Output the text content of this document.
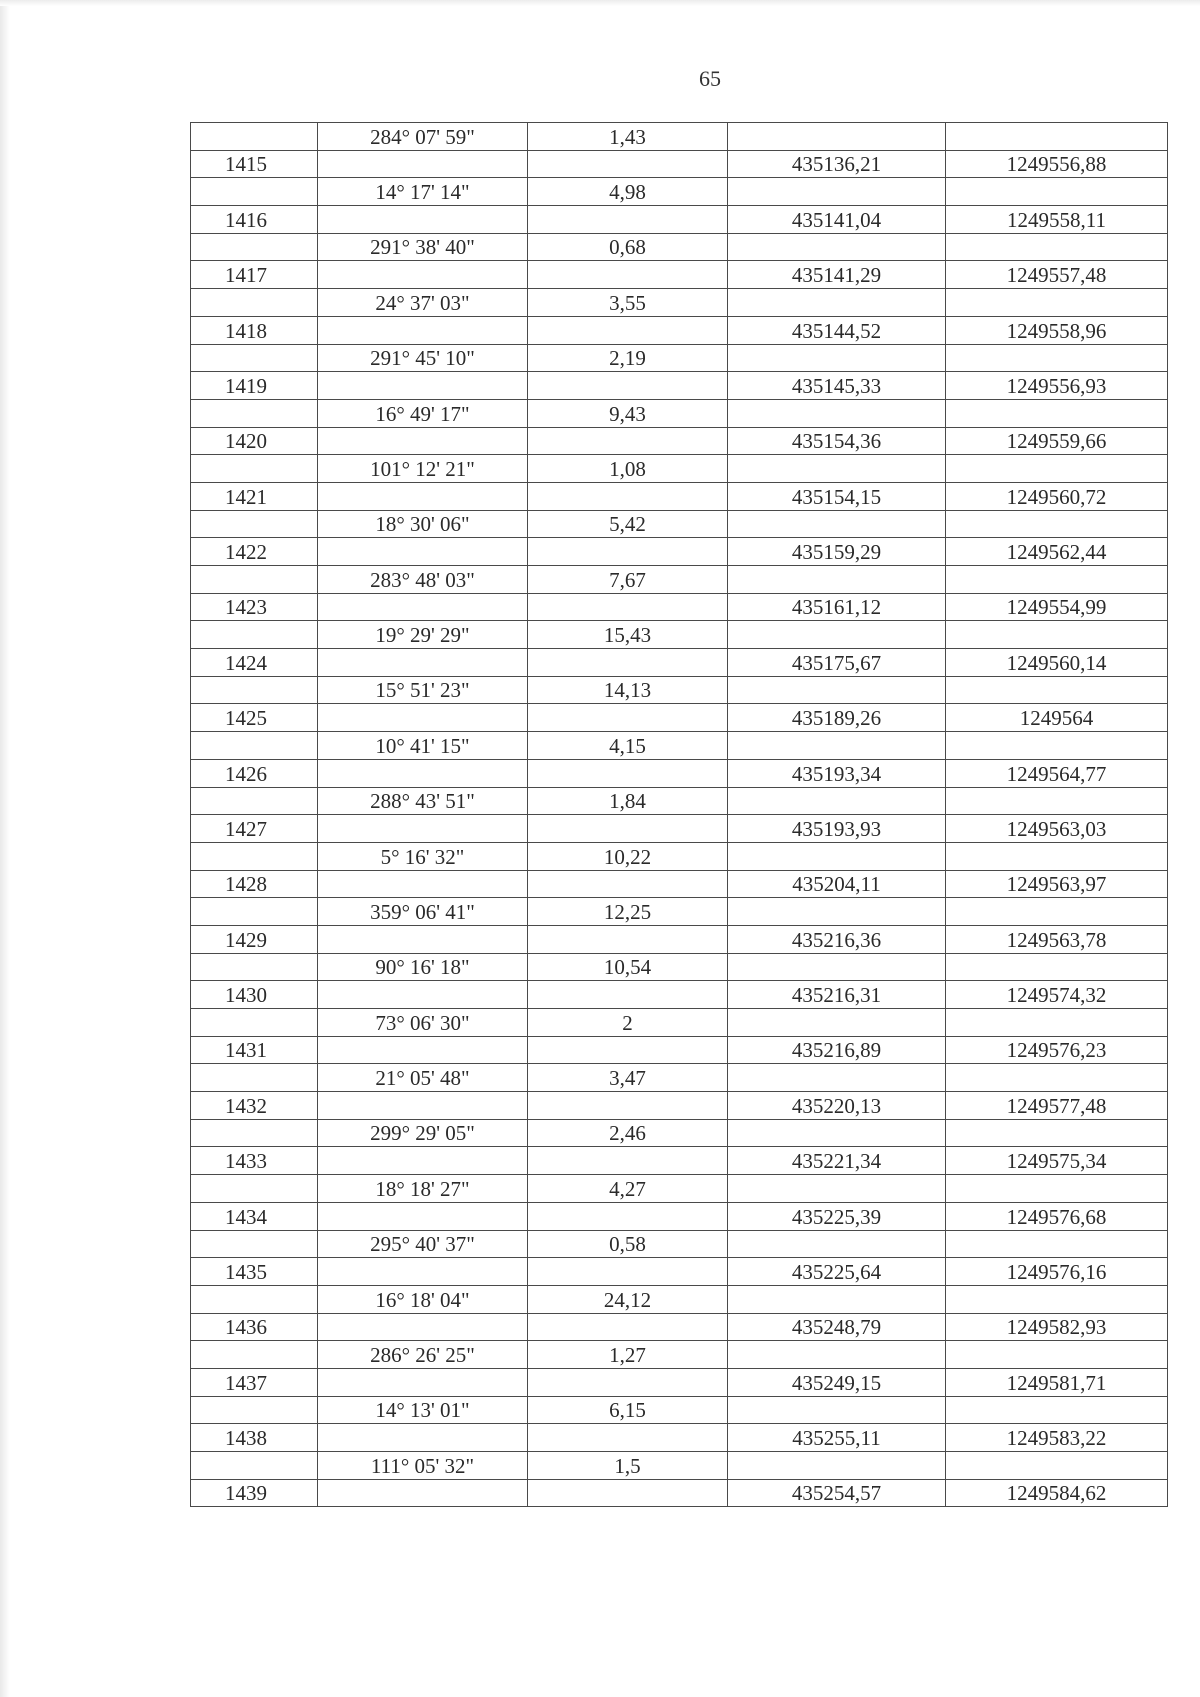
65
	284° 07' 59"	1,43		
1415			435136,21	1249556,88
	14° 17' 14"	4,98		
1416			435141,04	1249558,11
	291° 38' 40"	0,68		
1417			435141,29	1249557,48
	24° 37' 03"	3,55		
1418			435144,52	1249558,96
	291° 45' 10"	2,19		
1419			435145,33	1249556,93
	16° 49' 17"	9,43		
1420			435154,36	1249559,66
	101° 12' 21"	1,08		
1421			435154,15	1249560,72
	18° 30' 06"	5,42		
1422			435159,29	1249562,44
	283° 48' 03"	7,67		
1423			435161,12	1249554,99
	19° 29' 29"	15,43		
1424			435175,67	1249560,14
	15° 51' 23"	14,13		
1425			435189,26	1249564
	10° 41' 15"	4,15		
1426			435193,34	1249564,77
	288° 43' 51"	1,84		
1427			435193,93	1249563,03
	5° 16' 32"	10,22		
1428			435204,11	1249563,97
	359° 06' 41"	12,25		
1429			435216,36	1249563,78
	90° 16' 18"	10,54		
1430			435216,31	1249574,32
	73° 06' 30"	2		
1431			435216,89	1249576,23
	21° 05' 48"	3,47		
1432			435220,13	1249577,48
	299° 29' 05"	2,46		
1433			435221,34	1249575,34
	18° 18' 27"	4,27		
1434			435225,39	1249576,68
	295° 40' 37"	0,58		
1435			435225,64	1249576,16
	16° 18' 04"	24,12		
1436			435248,79	1249582,93
	286° 26' 25"	1,27		
1437			435249,15	1249581,71
	14° 13' 01"	6,15		
1438			435255,11	1249583,22
	111° 05' 32"	1,5		
1439			435254,57	1249584,62
